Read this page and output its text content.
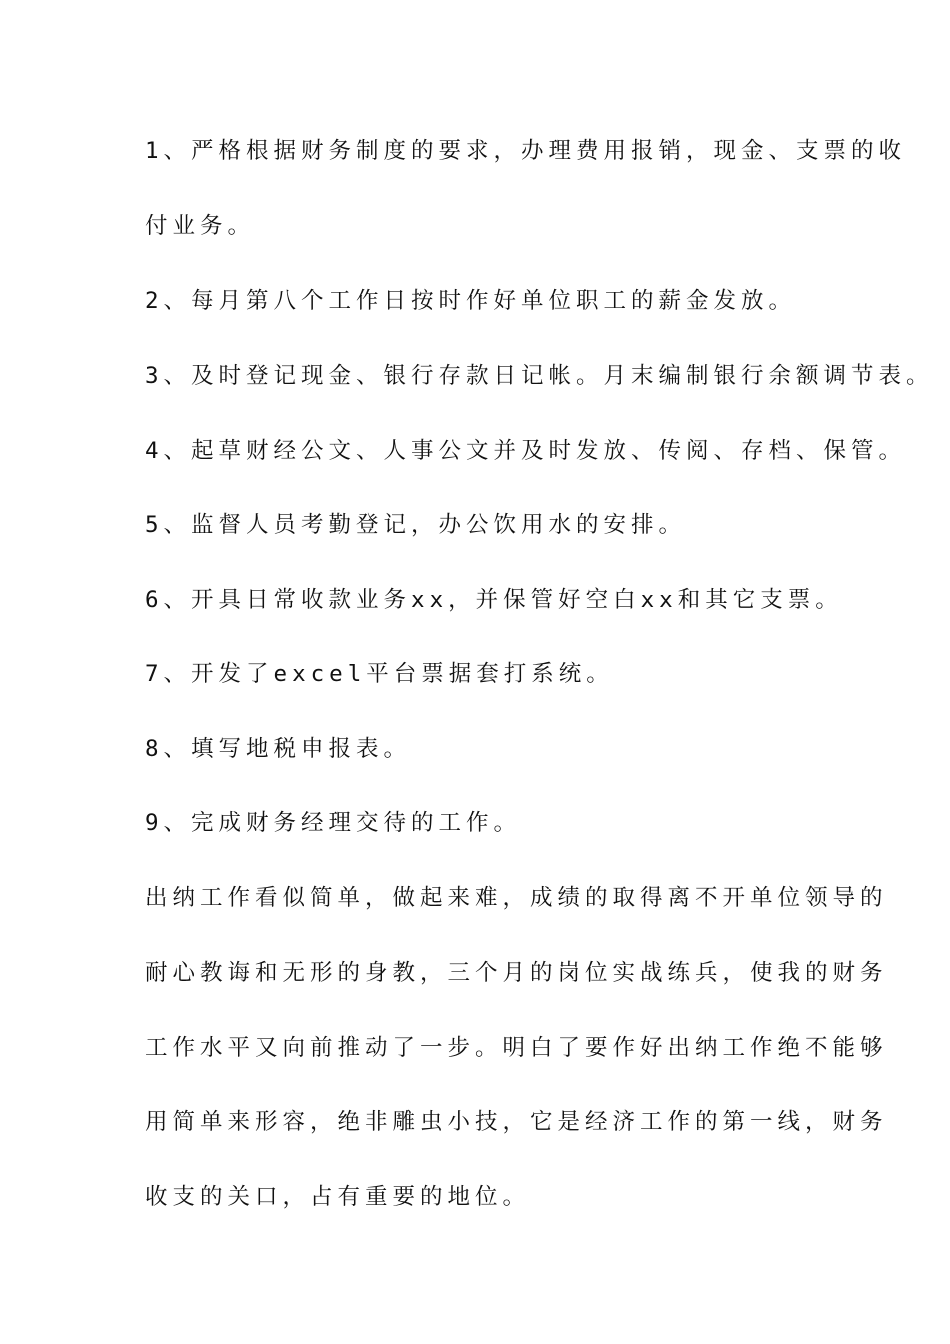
1、严格根据财务制度的要求，办理费用报销，现金、支票的收

付业务。

2、每月第八个工作日按时作好单位职工的薪金发放。

3、及时登记现金、银行存款日记帐。月末编制银行余额调节表。

4、起草财经公文、人事公文并及时发放、传阅、存档、保管。

5、监督人员考勤登记，办公饮用水的安排。

6、开具日常收款业务xx，并保管好空白xx和其它支票。

7、开发了excel平台票据套打系统。

8、填写地税申报表。

9、完成财务经理交待的工作。

出纳工作看似简单，做起来难，成绩的取得离不开单位领导的

耐心教诲和无形的身教，三个月的岗位实战练兵，使我的财务

工作水平又向前推动了一步。明白了要作好出纳工作绝不能够

用简单来形容，绝非雕虫小技，它是经济工作的第一线，财务

收支的关口，占有重要的地位。
